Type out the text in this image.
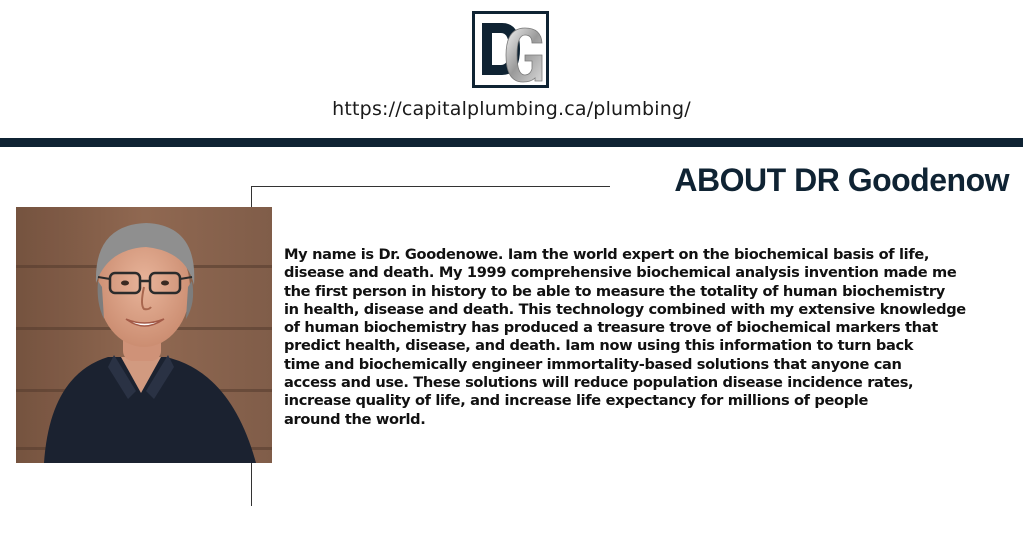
https://capitalplumbing.ca/plumbing/
ABOUT DR Goodenow
My name is Dr. Goodenowe. Iam the world expert on the biochemical basis of life,
disease and death. My 1999 comprehensive biochemical analysis invention made me
the first person in history to be able to measure the totality of human biochemistry
in health, disease and death. This technology combined with my extensive knowledge
of human biochemistry has produced a treasure trove of biochemical markers that
predict health, disease, and death. Iam now using this information to turn back
time and biochemically engineer immortality-based solutions that anyone can
access and use. These solutions will reduce population disease incidence rates,
increase quality of life, and increase life expectancy for millions of people
around the world.
